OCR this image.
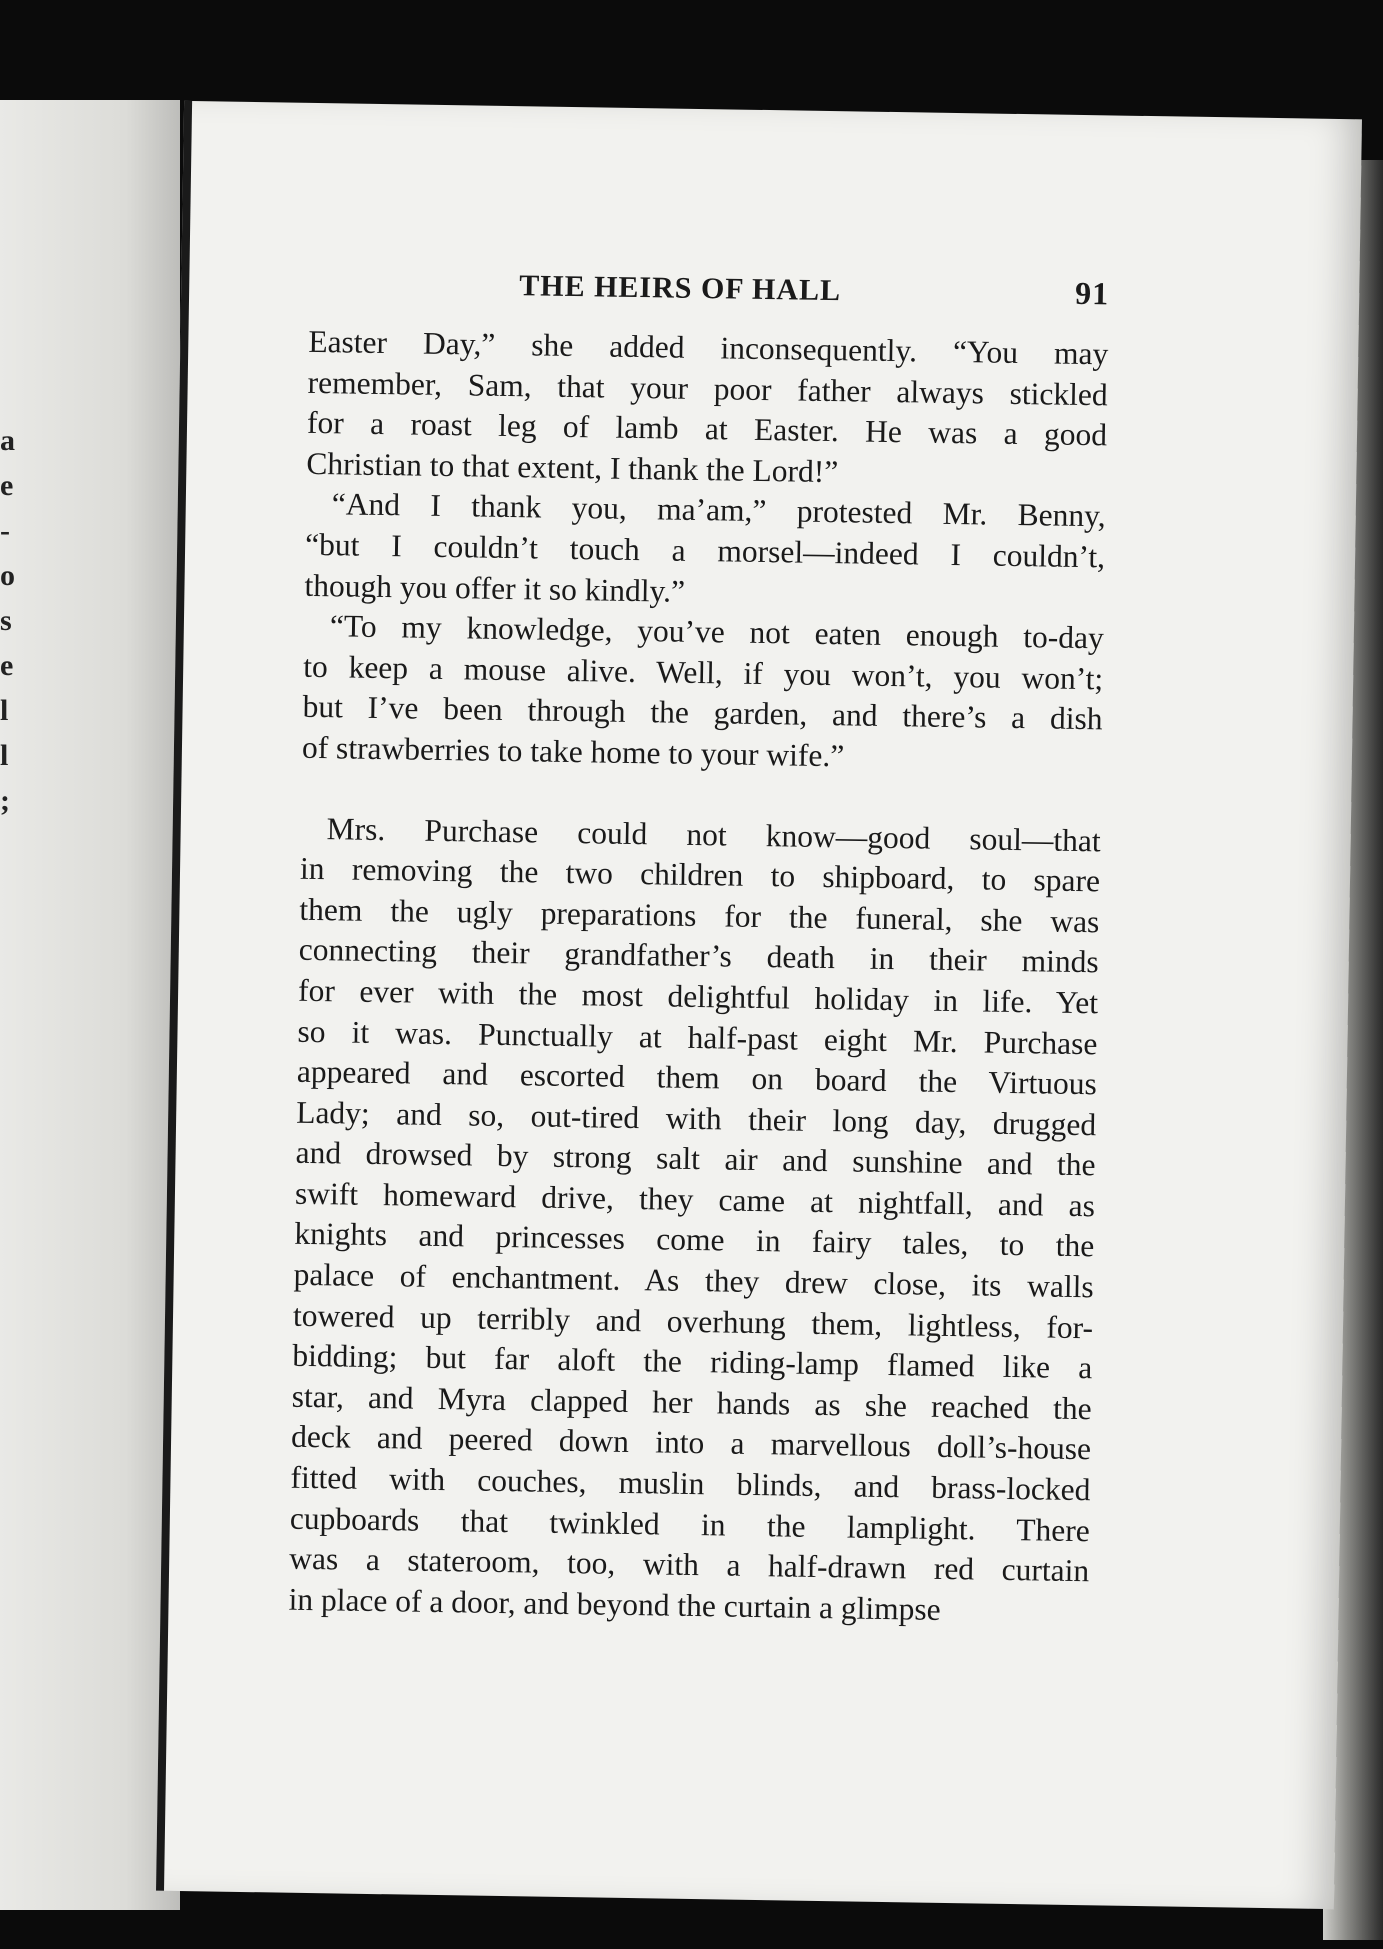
a
e
-
o
s
e
l
l
;
THE HEIRS OF HALL	91

Easter Day,” she added inconsequently. “You may
remember, Sam, that your poor father always stickled
for a roast leg of lamb at Easter. He was a good
Christian to that extent, I thank the Lord!”

“And I thank you, ma’am,” protested Mr. Benny,
“but I couldn’t touch a morsel—indeed I couldn’t,
though you offer it so kindly.”

“To my knowledge, you’ve not eaten enough to-day
to keep a mouse alive. Well, if you won’t, you won’t;
but I’ve been through the garden, and there’s a dish
of strawberries to take home to your wife.”

Mrs. Purchase could not know—good soul—that
in removing the two children to shipboard, to spare
them the ugly preparations for the funeral, she was
connecting their grandfather’s death in their minds
for ever with the most delightful holiday in life. Yet
so it was. Punctually at half-past eight Mr. Purchase
appeared and escorted them on board the Virtuous
Lady; and so, out-tired with their long day, drugged
and drowsed by strong salt air and sunshine and the
swift homeward drive, they came at nightfall, and as
knights and princesses come in fairy tales, to the
palace of enchantment. As they drew close, its walls
towered up terribly and overhung them, lightless, for-
bidding; but far aloft the riding-lamp flamed like a
star, and Myra clapped her hands as she reached the
deck and peered down into a marvellous doll’s-house
fitted with couches, muslin blinds, and brass-locked
cupboards that twinkled in the lamplight. There
was a stateroom, too, with a half-drawn red curtain
in place of a door, and beyond the curtain a glimpse
